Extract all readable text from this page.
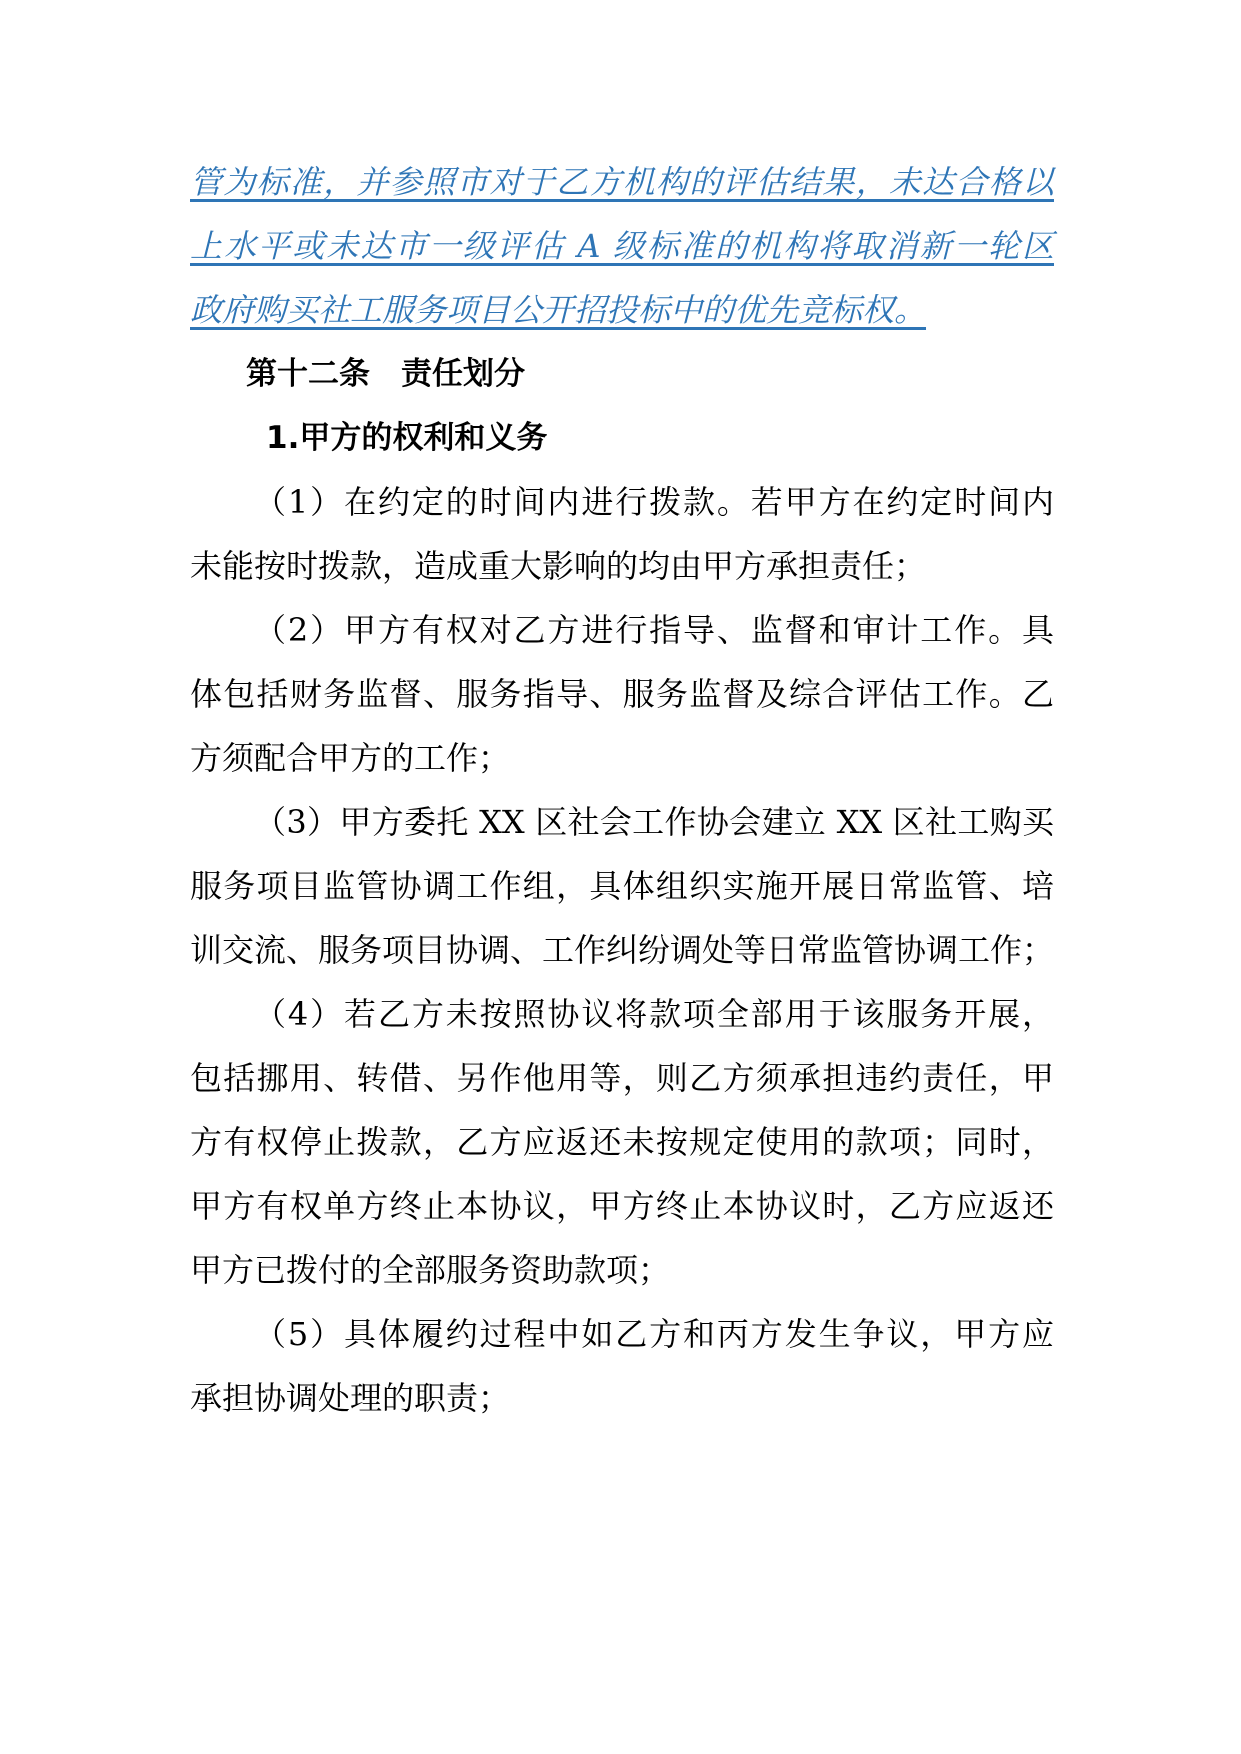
管为标准，并参照市对于乙方机构的评估结果，未达合格以
上水平或未达市一级评估 A 级标准的机构将取消新一轮区
政府购买社工服务项目公开招投标中的优先竞标权。
第十二条　责任划分
1.甲方的权利和义务
（1）在约定的时间内进行拨款。若甲方在约定时间内
未能按时拨款，造成重大影响的均由甲方承担责任；
（2）甲方有权对乙方进行指导、监督和审计工作。具
体包括财务监督、服务指导、服务监督及综合评估工作。乙
方须配合甲方的工作；
（3）甲方委托 XX 区社会工作协会建立 XX 区社工购买
服务项目监管协调工作组，具体组织实施开展日常监管、培
训交流、服务项目协调、工作纠纷调处等日常监管协调工作；
（4）若乙方未按照协议将款项全部用于该服务开展，
包括挪用、转借、另作他用等，则乙方须承担违约责任，甲
方有权停止拨款，乙方应返还未按规定使用的款项；同时，
甲方有权单方终止本协议，甲方终止本协议时，乙方应返还
甲方已拨付的全部服务资助款项；
（5）具体履约过程中如乙方和丙方发生争议，甲方应
承担协调处理的职责；
